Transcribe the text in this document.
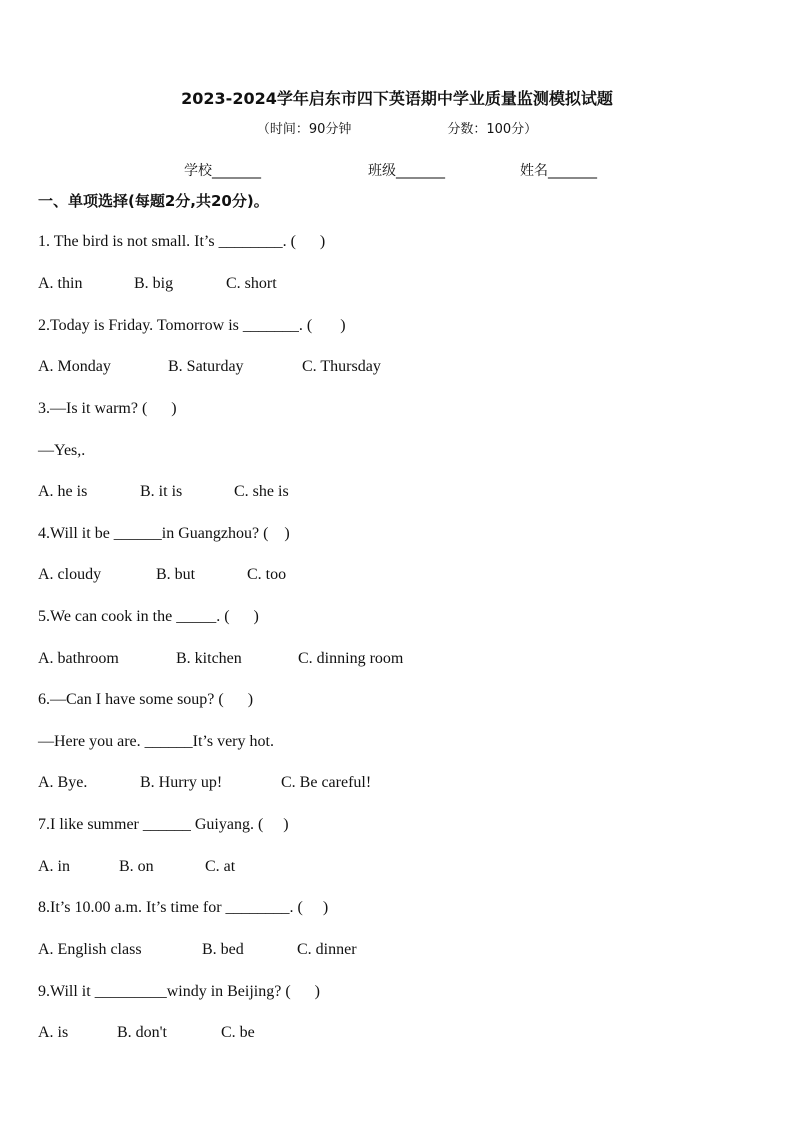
2023-2024学年启东市四下英语期中学业质量监测模拟试题
（时间：90分钟	分数：100分）
学校_______	班级_______	姓名_______
一、单项选择(每题2分,共20分)。
1. The bird is not small. It’s ________. (      )
A. thin	B. big	C. short
2.Today is Friday. Tomorrow is _______. (       )
A. Monday	B. Saturday	C. Thursday
3.—Is it warm? (      )
—Yes,.
A. he is	B. it is	C. she is
4.Will it be ______in Guangzhou? (    )
A. cloudy	B. but	C. too
5.We can cook in the _____. (      )
A. bathroom	B. kitchen	C. dinning room
6.—Can I have some soup? (      )
—Here you are. ______It’s very hot.
A. Bye.	B. Hurry up!	C. Be careful!
7.I like summer ______ Guiyang. (     )
A. in	B. on	C. at
8.It’s 10.00 a.m. It’s time for ________. (     )
A. English class	B. bed	C. dinner
9.Will it _________windy in Beijing? (      )
A. is	B. don't	C. be
